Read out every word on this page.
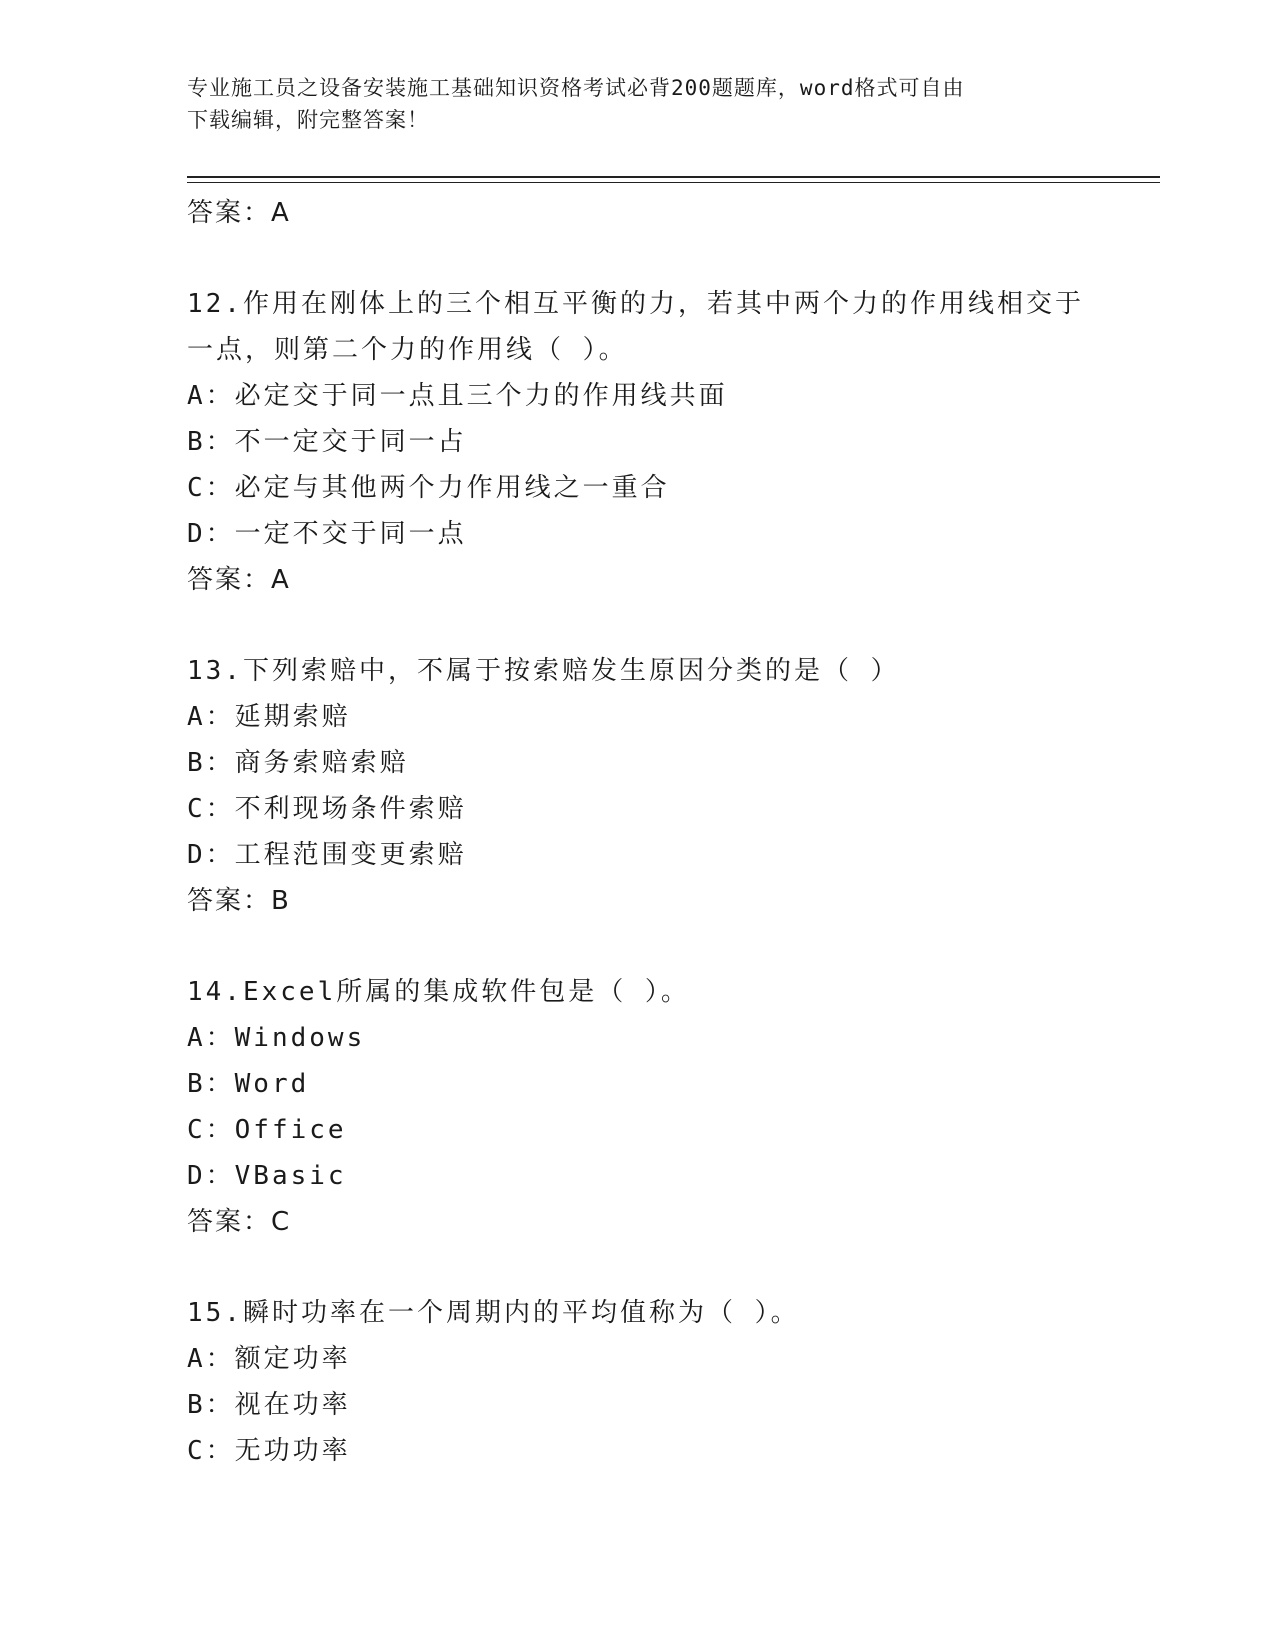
专业施工员之设备安装施工基础知识资格考试必背200题题库，word格式可自由
下载编辑，附完整答案！
答案：A
12.作用在刚体上的三个相互平衡的力，若其中两个力的作用线相交于
一点，则第二个力的作用线（ ）。
A：必定交于同一点且三个力的作用线共面
B：不一定交于同一占
C：必定与其他两个力作用线之一重合
D：一定不交于同一点
答案：A
13.下列索赔中，不属于按索赔发生原因分类的是（ ）
A：延期索赔
B：商务索赔索赔
C：不利现场条件索赔
D：工程范围变更索赔
答案：B
14.Excel所属的集成软件包是（ ）。
A：Windows
B：Word
C：Office
D：VBasic
答案：C
15.瞬时功率在一个周期内的平均值称为（ ）。
A：额定功率
B：视在功率
C：无功功率
